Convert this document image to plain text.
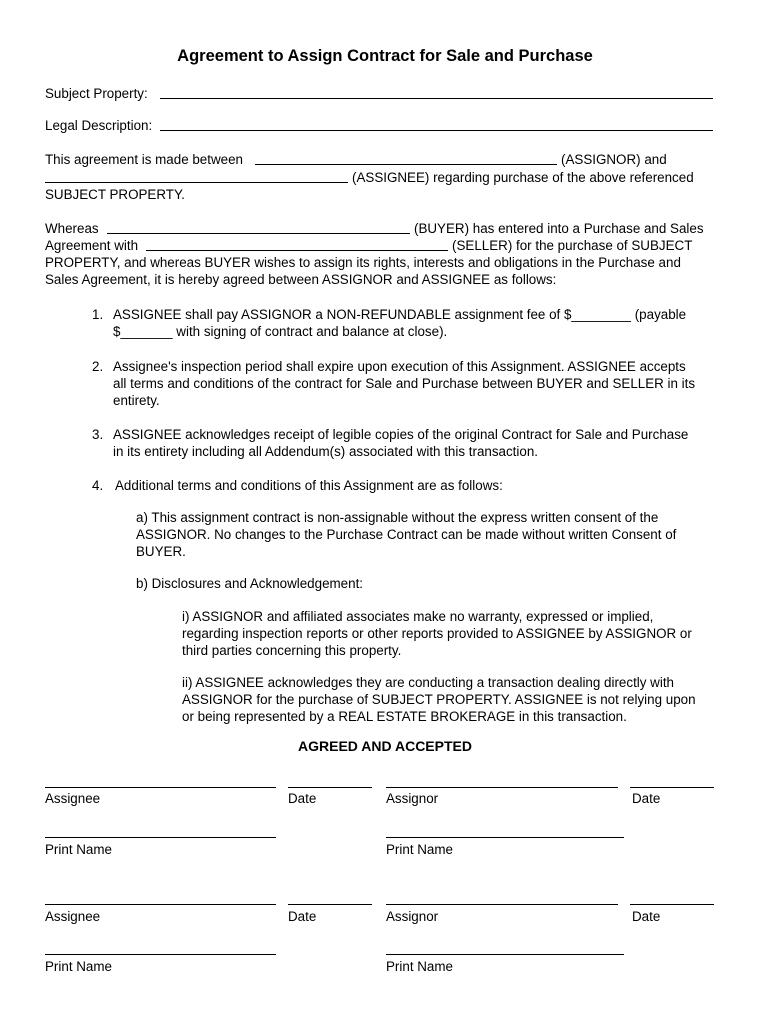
Agreement to Assign Contract for Sale and Purchase
Subject Property:
Legal Description:
This agreement is made between	(ASSIGNOR) and
(ASSIGNEE) regarding purchase of the above referenced
SUBJECT PROPERTY.
Whereas	(BUYER) has entered into a Purchase and Sales
Agreement with	(SELLER) for the purchase of SUBJECT
PROPERTY, and whereas BUYER wishes to assign its rights, interests and obligations in the Purchase and
Sales Agreement, it is hereby agreed between ASSIGNOR and ASSIGNEE as follows:
1. ASSIGNEE shall pay ASSIGNOR a NON-REFUNDABLE assignment fee of $________ (payable
$_______ with signing of contract and balance at close).
2. Assignee's inspection period shall expire upon execution of this Assignment. ASSIGNEE accepts
all terms and conditions of the contract for Sale and Purchase between BUYER and SELLER in its
entirety.
3. ASSIGNEE acknowledges receipt of legible copies of the original Contract for Sale and Purchase
in its entirety including all Addendum(s) associated with this transaction.
4. Additional terms and conditions of this Assignment are as follows:
a) This assignment contract is non-assignable without the express written consent of the
ASSIGNOR. No changes to the Purchase Contract can be made without written Consent of
BUYER.
b) Disclosures and Acknowledgement:
i) ASSIGNOR and affiliated associates make no warranty, expressed or implied,
regarding inspection reports or other reports provided to ASSIGNEE by ASSIGNOR or
third parties concerning this property.
ii) ASSIGNEE acknowledges they are conducting a transaction dealing directly with
ASSIGNOR for the purchase of SUBJECT PROPERTY. ASSIGNEE is not relying upon
or being represented by a REAL ESTATE BROKERAGE in this transaction.
AGREED AND ACCEPTED
Assignee	Date	Assignor	Date
Print Name	Print Name
Assignee	Date	Assignor	Date
Print Name	Print Name
